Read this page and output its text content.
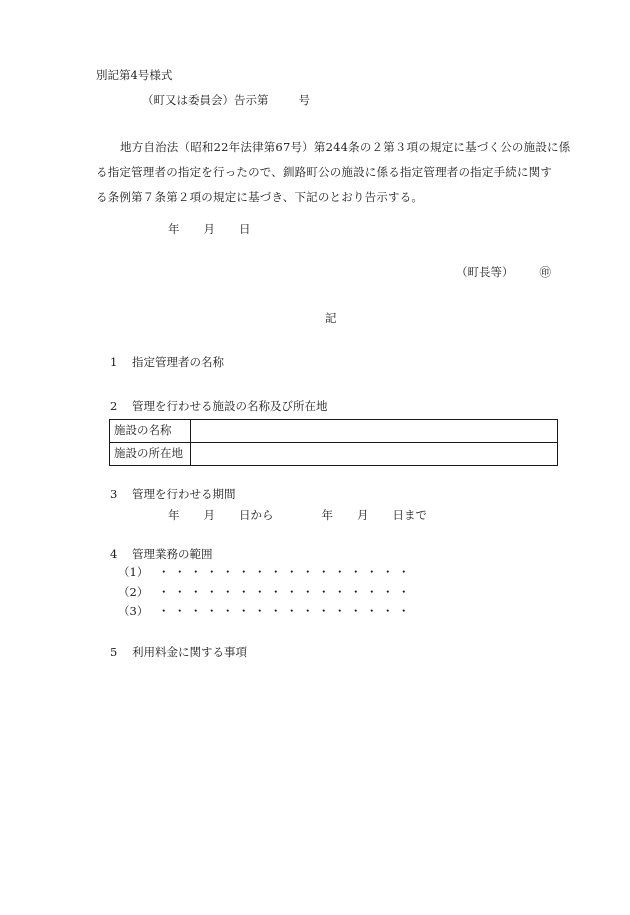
別記第4号様式
（町又は委員会）告示第	号
地方自治法（昭和22年法律第67号）第244条の２第３項の規定に基づく公の施設に係
る指定管理者の指定を行ったので、釧路町公の施設に係る指定管理者の指定手続に関す
る条例第７条第２項の規定に基づき、下記のとおり告示する。
年 月 日
（町長等） ㊞
記
1 指定管理者の名称
2 管理を行わせる施設の名称及び所在地
施設の名称	
施設の所在地	
3 管理を行わせる期間
年 月 日から	年 月 日まで
4 管理業務の範囲
（1） ・・・・・・・・・・・・・・・・
（2） ・・・・・・・・・・・・・・・・
（3） ・・・・・・・・・・・・・・・・
5 利用料金に関する事項
